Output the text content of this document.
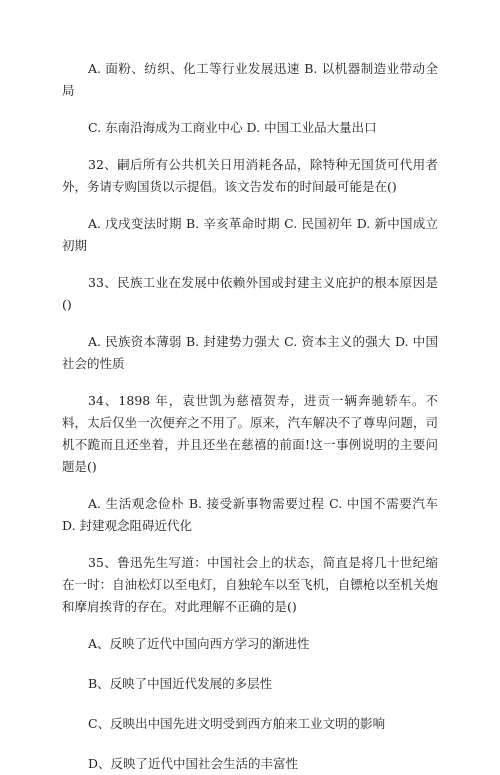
A. 面粉、纺织、化工等行业发展迅速 B. 以机器制造业带动全局

C. 东南沿海成为工商业中心 D. 中国工业品大量出口

32、嗣后所有公共机关日用消耗各品，除特种无国货可代用者外，务请专购国货以示提倡。该文告发布的时间最可能是在()

A. 戊戌变法时期 B. 辛亥革命时期 C. 民国初年 D. 新中国成立初期

33、民族工业在发展中依赖外国或封建主义庇护的根本原因是()

A. 民族资本薄弱 B. 封建势力强大 C. 资本主义的强大 D. 中国社会的性质

34、1898 年，袁世凯为慈禧贺寿，进贡一辆奔驰轿车。不料，太后仅坐一次便弃之不用了。原来，汽车解决不了尊卑问题，司机不跪而且还坐着，并且还坐在慈禧的前面!这一事例说明的主要问题是()

A. 生活观念俭朴 B. 接受新事物需要过程 C. 中国不需要汽车 D. 封建观念阻碍近代化

35、鲁迅先生写道：中国社会上的状态，简直是将几十世纪缩在一时：自油松灯以至电灯，自独轮车以至飞机，自镖枪以至机关炮和摩肩挨背的存在。对此理解不正确的是()

A、反映了近代中国向西方学习的渐进性

B、反映了中国近代发展的多层性

C、反映出中国先进文明受到西方舶来工业文明的影响

D、反映了近代中国社会生活的丰富性
